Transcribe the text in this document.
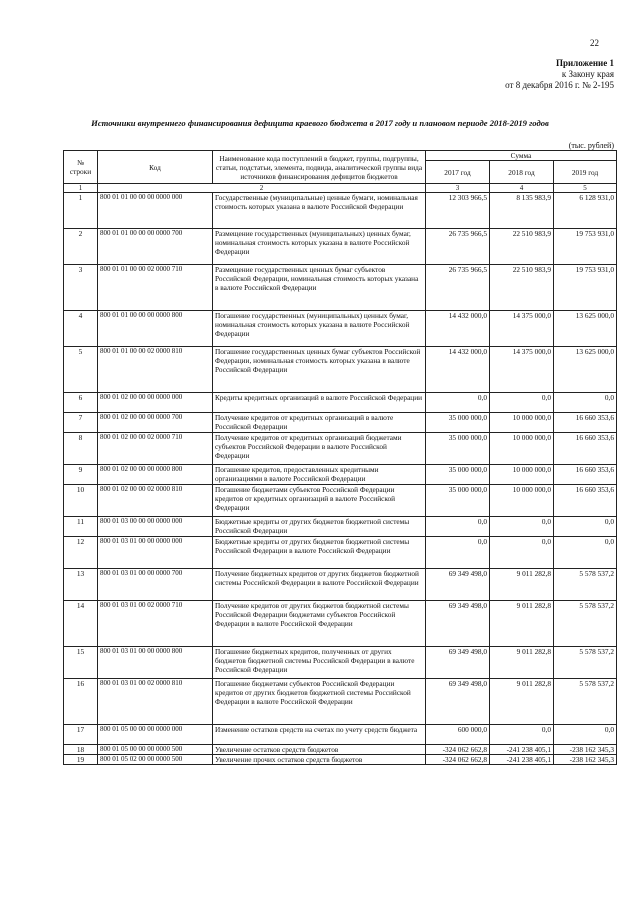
22
Приложение 1
к Закону края
от 8 декабря 2016 г. № 2-195
Источники внутреннего финансирования дефицита краевого бюджета в 2017 году и плановом периоде 2018-2019 годов
(тыс. рублей)
№ строки	Код	Наименование кода поступлений в бюджет, группы, подгруппы, статьи, подстатьи, элемента, подвида, аналитической группы вида источников финансирования дефицитов бюджетов	Сумма		
			2017 год	2018 год	2019 год
1	2		3	4	5
1	800 01 01 00 00 00 0000 000	Государственные (муниципальные) ценные бумаги, номинальная стоимость которых указана в валюте Российской Федерации	12 303 966,5	8 135 983,9	6 128 931,0
2	800 01 01 00 00 00 0000 700	Размещение государственных (муниципальных) ценных бумаг, номинальная стоимость которых указана в валюте Российской Федерации	26 735 966,5	22 510 983,9	19 753 931,0
3	800 01 01 00 00 02 0000 710	Размещение государственных ценных бумаг субъектов Российской Федерации, номинальная стоимость которых указана в валюте Российской Федерации	26 735 966,5	22 510 983,9	19 753 931,0
4	800 01 01 00 00 00 0000 800	Погашение государственных (муниципальных) ценных бумаг, номинальная стоимость которых указана в валюте Российской Федерации	14 432 000,0	14 375 000,0	13 625 000,0
5	800 01 01 00 00 02 0000 810	Погашение государственных ценных бумаг субъектов Российской Федерации, номинальная стоимость которых указана в валюте Российской Федерации	14 432 000,0	14 375 000,0	13 625 000,0
6	800 01 02 00 00 00 0000 000	Кредиты кредитных организаций в валюте Российской Федерации	0,0	0,0	0,0
7	800 01 02 00 00 00 0000 700	Получение кредитов от кредитных организаций в валюте Российской Федерации	35 000 000,0	10 000 000,0	16 660 353,6
8	800 01 02 00 00 02 0000 710	Получение кредитов от кредитных организаций бюджетами субъектов Российской Федерации в валюте Российской Федерации	35 000 000,0	10 000 000,0	16 660 353,6
9	800 01 02 00 00 00 0000 800	Погашение кредитов, предоставленных кредитными организациями в валюте Российской Федерации	35 000 000,0	10 000 000,0	16 660 353,6
10	800 01 02 00 00 02 0000 810	Погашение бюджетами субъектов Российской Федерации кредитов от кредитных организаций в валюте Российской Федерации	35 000 000,0	10 000 000,0	16 660 353,6
11	800 01 03 00 00 00 0000 000	Бюджетные кредиты от других бюджетов бюджетной системы Российской Федерации	0,0	0,0	0,0
12	800 01 03 01 00 00 0000 000	Бюджетные кредиты от других бюджетов бюджетной системы Российской Федерации в валюте Российской Федерации	0,0	0,0	0,0
13	800 01 03 01 00 00 0000 700	Получение бюджетных кредитов от других бюджетов бюджетной системы Российской Федерации в валюте Российской Федерации	69 349 498,0	9 011 282,8	5 578 537,2
14	800 01 03 01 00 02 0000 710	Получение кредитов от других бюджетов бюджетной системы Российской Федерации бюджетами субъектов Российской Федерации в валюте Российской Федерации	69 349 498,0	9 011 282,8	5 578 537,2
15	800 01 03 01 00 00 0000 800	Погашение бюджетных кредитов, полученных от других бюджетов бюджетной системы Российской Федерации в валюте Российской Федерации	69 349 498,0	9 011 282,8	5 578 537,2
16	800 01 03 01 00 02 0000 810	Погашение бюджетами субъектов Российской Федерации кредитов от других бюджетов бюджетной системы Российской Федерации в валюте Российской Федерации	69 349 498,0	9 011 282,8	5 578 537,2
17	800 01 05 00 00 00 0000 000	Изменение остатков средств на счетах по учету средств бюджета	600 000,0	0,0	0,0
18	800 01 05 00 00 00 0000 500	Увеличение остатков средств бюджетов	-324 062 662,8	-241 238 405,1	-238 162 345,3
19	800 01 05 02 00 00 0000 500	Увеличение прочих остатков средств бюджетов	-324 062 662,8	-241 238 405,1	-238 162 345,3
